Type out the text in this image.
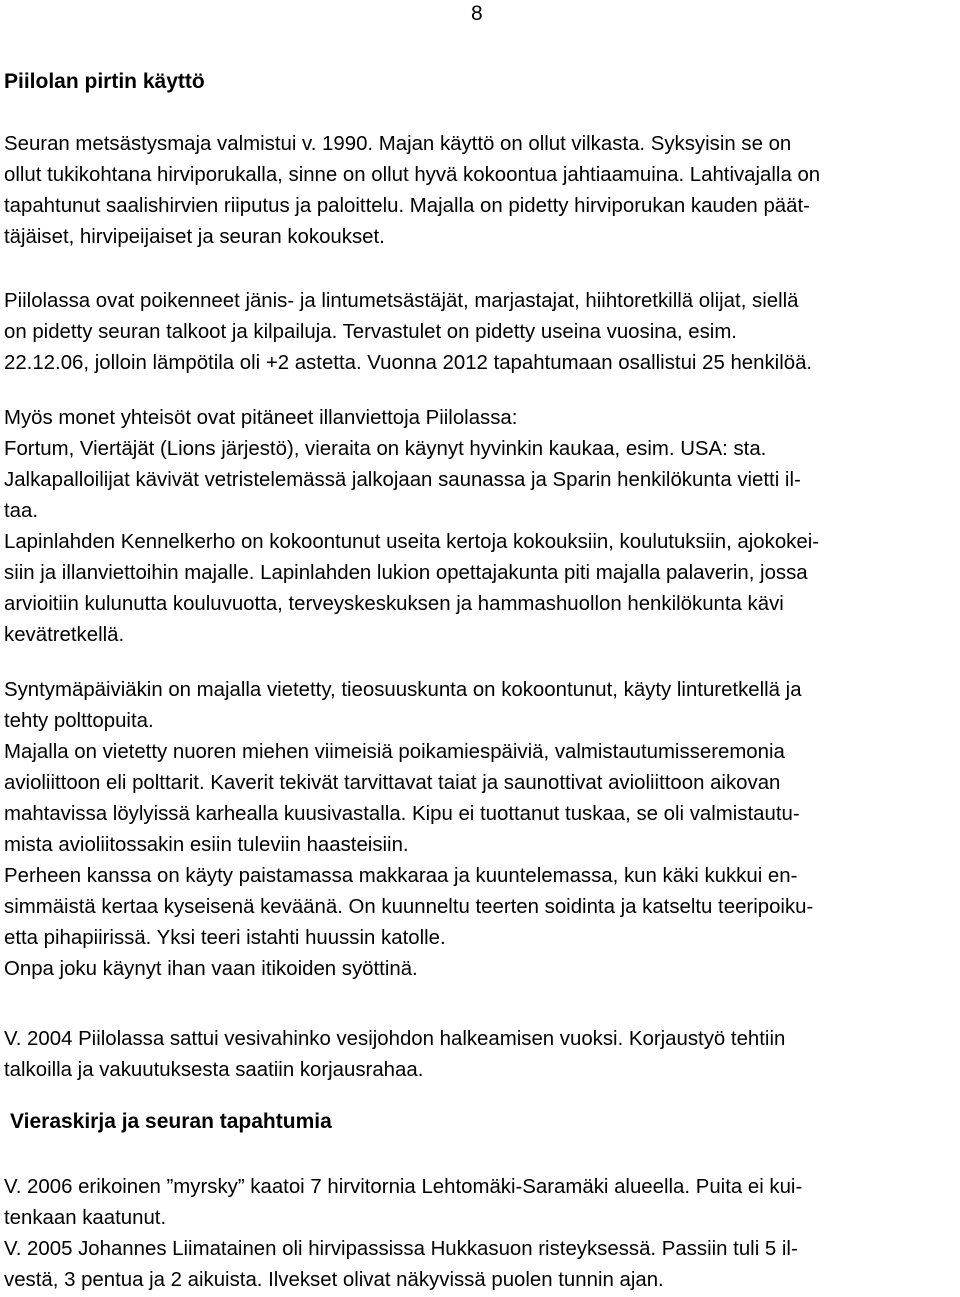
8
Piilolan pirtin käyttö
Seuran metsästysmaja valmistui v. 1990. Majan käyttö on ollut vilkasta. Syksyisin se on
ollut tukikohtana hirviporukalla, sinne on ollut hyvä kokoontua jahtiaamuina. Lahtivajalla on
tapahtunut saalishirvien riiputus ja paloittelu. Majalla on pidetty hirviporukan kauden päät-
täjäiset, hirvipeijaiset ja seuran kokoukset.
Piilolassa ovat poikenneet jänis- ja lintumetsästäjät, marjastajat, hiihtoretkillä olijat, siellä
on pidetty seuran talkoot ja kilpailuja. Tervastulet on pidetty useina vuosina, esim.
22.12.06, jolloin lämpötila oli +2 astetta. Vuonna 2012 tapahtumaan osallistui 25 henkilöä.
Myös monet yhteisöt ovat pitäneet illanviettoja Piilolassa:
Fortum, Viertäjät (Lions järjestö), vieraita on käynyt hyvinkin kaukaa, esim. USA: sta.
Jalkapalloilijat kävivät vetristelemässä jalkojaan saunassa ja Sparin henkilökunta vietti il-
taa.
Lapinlahden Kennelkerho on kokoontunut useita kertoja kokouksiin, koulutuksiin, ajokokei-
siin ja illanviettoihin majalle. Lapinlahden lukion opettajakunta piti majalla palaverin, jossa
arvioitiin kulunutta kouluvuotta, terveyskeskuksen ja hammashuollon henkilökunta kävi
kevätretkellä.
Syntymäpäiviäkin on majalla vietetty, tieosuuskunta on kokoontunut, käyty linturetkellä ja
tehty polttopuita.
Majalla on vietetty nuoren miehen viimeisiä poikamiespäiviä, valmistautumisseremonia
avioliittoon eli polttarit. Kaverit tekivät tarvittavat taiat ja saunottivat avioliittoon aikovan
mahtavissa löylyissä karhealla kuusivastalla. Kipu ei tuottanut tuskaa, se oli valmistautu-
mista avioliitossakin esiin tuleviin haasteisiin.
Perheen kanssa on käyty paistamassa makkaraa ja kuuntelemassa, kun käki kukkui en-
simmäistä kertaa kyseisenä keväänä. On kuunneltu teerten soidinta ja katseltu teeripoiku-
etta pihapiirissä. Yksi teeri istahti huussin katolle.
Onpa joku käynyt ihan vaan itikoiden syöttinä.
V. 2004 Piilolassa sattui vesivahinko vesijohdon halkeamisen vuoksi. Korjaustyö tehtiin
talkoilla ja vakuutuksesta saatiin korjausrahaa.
Vieraskirja ja seuran tapahtumia
V. 2006 erikoinen ”myrsky” kaatoi 7 hirvitornia Lehtomäki-Saramäki alueella. Puita ei kui-
tenkaan kaatunut.
V. 2005 Johannes Liimatainen oli hirvipassissa Hukkasuon risteyksessä. Passiin tuli 5 il-
vestä, 3 pentua ja 2 aikuista. Ilvekset olivat näkyvissä puolen tunnin ajan.
